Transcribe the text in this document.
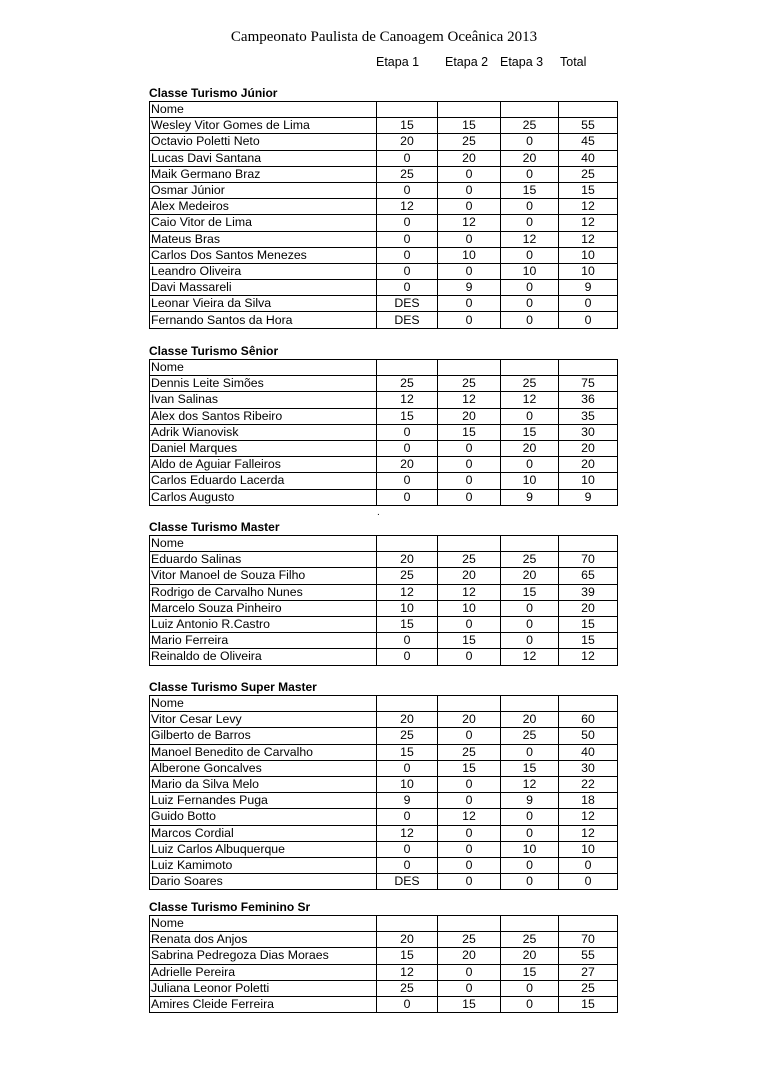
Campeonato Paulista de Canoagem Oceânica 2013
Etapa 1 Etapa 2 Etapa 3 Total
.
Classe Turismo Júnior
Nome				
Wesley Vitor Gomes de Lima	15	15	25	55
Octavio Poletti Neto	20	25	0	45
Lucas Davi Santana	0	20	20	40
Maik Germano Braz	25	0	0	25
Osmar Júnior	0	0	15	15
Alex Medeiros	12	0	0	12
Caio Vitor de Lima	0	12	0	12
Mateus Bras	0	0	12	12
Carlos Dos Santos Menezes	0	10	0	10
Leandro Oliveira	0	0	10	10
Davi Massareli	0	9	0	9
Leonar Vieira da Silva	DES	0	0	0
Fernando Santos da Hora	DES	0	0	0
Classe Turismo Sênior
Nome				
Dennis Leite Simões	25	25	25	75
Ivan Salinas	12	12	12	36
Alex dos Santos Ribeiro	15	20	0	35
Adrik Wianovisk	0	15	15	30
Daniel Marques	0	0	20	20
Aldo de Aguiar Falleiros	20	0	0	20
Carlos Eduardo Lacerda	0	0	10	10
Carlos Augusto	0	0	9	9
Classe Turismo Master
Nome				
Eduardo Salinas	20	25	25	70
Vitor Manoel de Souza Filho	25	20	20	65
Rodrigo de Carvalho Nunes	12	12	15	39
Marcelo Souza Pinheiro	10	10	0	20
Luiz Antonio R.Castro	15	0	0	15
Mario Ferreira	0	15	0	15
Reinaldo de Oliveira	0	0	12	12
Classe Turismo Super Master
Nome				
Vitor Cesar Levy	20	20	20	60
Gilberto de Barros	25	0	25	50
Manoel Benedito de Carvalho	15	25	0	40
Alberone Goncalves	0	15	15	30
Mario da Silva Melo	10	0	12	22
Luiz Fernandes Puga	9	0	9	18
Guido Botto	0	12	0	12
Marcos Cordial	12	0	0	12
Luiz Carlos Albuquerque	0	0	10	10
Luiz Kamimoto	0	0	0	0
Dario Soares	DES	0	0	0
Classe Turismo Feminino Sr
Nome				
Renata dos Anjos	20	25	25	70
Sabrina Pedregoza Dias Moraes	15	20	20	55
Adrielle Pereira	12	0	15	27
Juliana Leonor Poletti	25	0	0	25
Amires Cleide Ferreira	0	15	0	15
